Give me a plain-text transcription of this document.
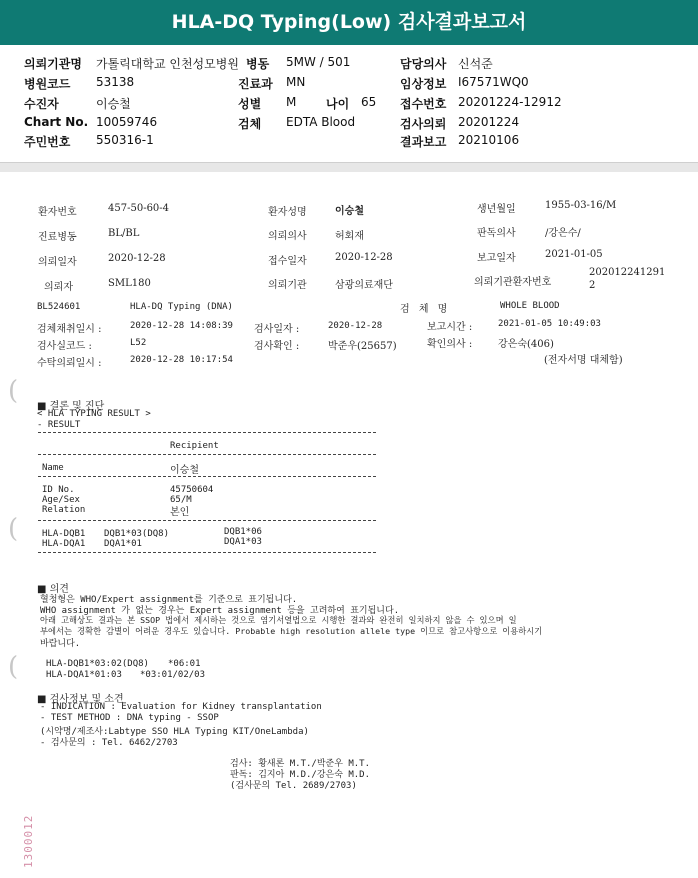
HLA-DQ Typing(Low) 검사결과보고서
의뢰기관명 가톨릭대학교 인천성모병원
병원코드 53138
수진자	이승철
Chart No. 10059746
주민번호 550316-1
병동 5MW / 501
진료과 MN
성별 M 나이 65
검체 EDTA Blood
담당의사 신석준
임상정보 I67571WQ0
접수번호 20201224-12912
검사의뢰 20201224
결과보고 20210106
환자번호	457-50-60-4	환자성명	이승철	생년월일	1955-03-16/M
진료병동	BL/BL	의뢰의사	허회재	판독의사	/강은수/
의뢰일자	2020-12-28	접수일자	2020-12-28	보고일자	2021-01-05
의뢰자	SML180	의뢰기관	삼광의료재단	의뢰기관환자번호
202012241291
2
BL524601	HLA-DQ Typing (DNA)	검 체 명	WHOLE BLOOD
검체채취일시 :	2020-12-28 14:08:39 검사일자 :	2020-12-28	보고시간 :	2021-01-05 10:49:03
검사실코드 :	L52	검사확인 :	박준우(25657)	확인의사 :	강은숙(406)
수탁의뢰일시 :	2020-12-28 10:17:54	(전자서명 대체함)
(
(
(
■ 결론 및 진단
< HLA TYPING RESULT >
- RESULT
Recipient
Name	이승철
ID No.	45750604
Age/Sex	65/M
Relation	본인
HLA-DQB1 DQB1*03(DQ8)	DQB1*06
HLA-DQA1 DQA1*01	DQA1*03
■ 의견
혈청형은 WHO/Expert assignment를 기준으로 표기됩니다.
WHO assignment 가 없는 경우는 Expert assignment 등을 고려하여 표기됩니다.
아래 고해상도 결과는 본 SSOP 법에서 제시하는 것으로 염기서열법으로 시행한 결과와 완전히 일치하지 않을 수 있으며 일
부에서는 경확한 감별이 어려운 경우도 있습니다. Probable high resolution allele type 이므로 참고사항으로 이용하시기
바랍니다.
HLA-DQB1*03:02(DQ8) *06:01
HLA-DQA1*01:03 *03:01/02/03
■ 검사정보 및 소견
- INDICATION : Evaluation for Kidney transplantation
- TEST METHOD : DNA typing - SSOP
(시약명/제조사:Labtype SSO HLA Typing KIT/OneLambda)
- 검사문의 : Tel. 6462/2703
검사: 황새론 M.T./박준우 M.T.
판독: 김지아 M.D./강은숙 M.D.
(검사문의 Tel. 2689/2703)
1300012
